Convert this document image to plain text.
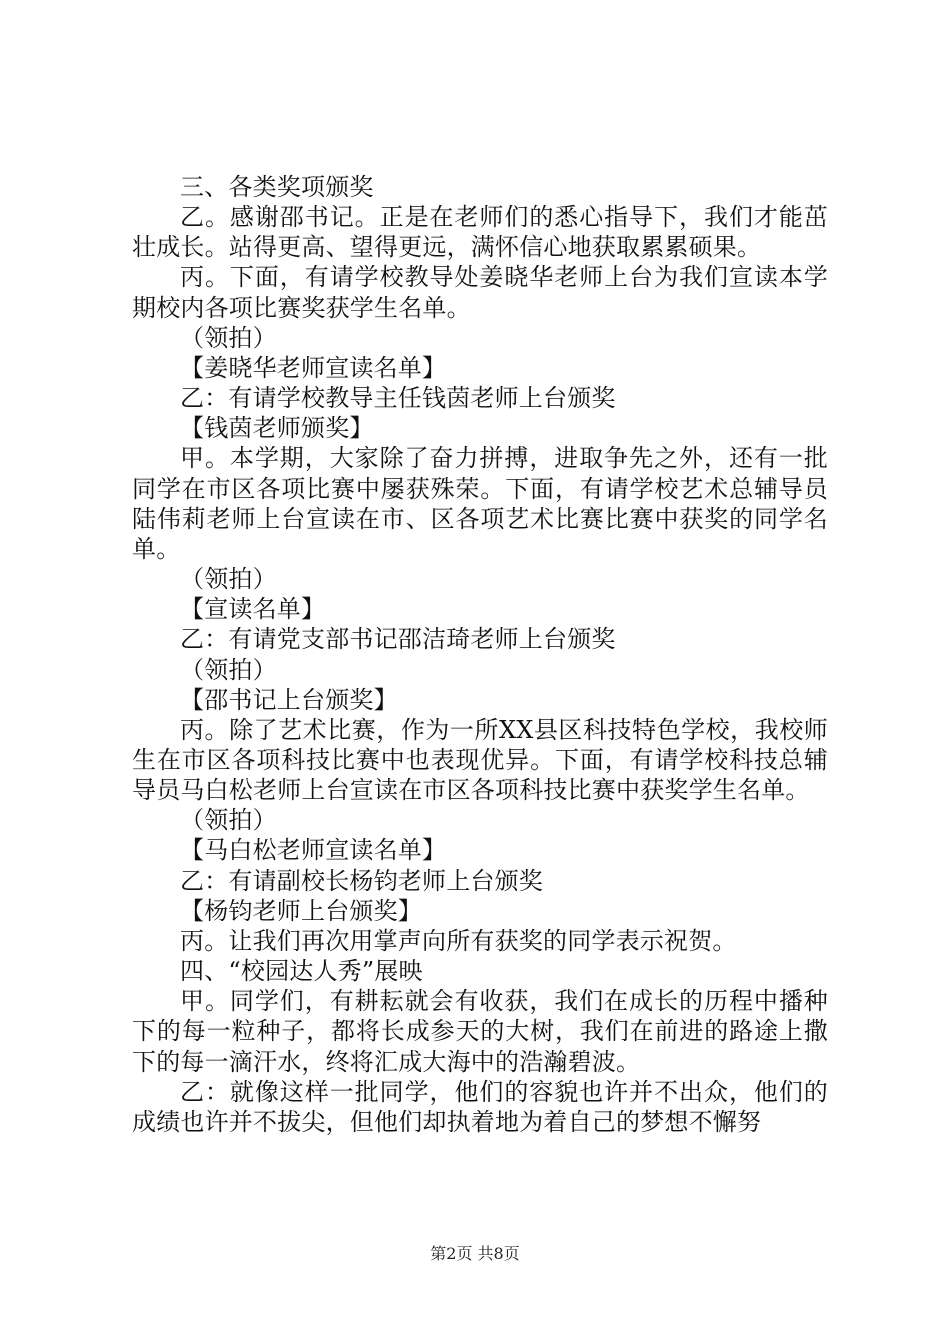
三、各类奖项颁奖

乙。感谢邵书记。正是在老师们的悉心指导下，我们才能茁壮成长。站得更高、望得更远，满怀信心地获取累累硕果。

丙。下面，有请学校教导处姜晓华老师上台为我们宣读本学期校内各项比赛奖获学生名单。

（领拍）

【姜晓华老师宣读名单】

乙：有请学校教导主任钱茵老师上台颁奖

【钱茵老师颁奖】

甲。本学期，大家除了奋力拼搏，进取争先之外，还有一批同学在市区各项比赛中屡获殊荣。下面，有请学校艺术总辅导员陆伟莉老师上台宣读在市、区各项艺术比赛比赛中获奖的同学名单。

（领拍）

【宣读名单】

乙：有请党支部书记邵洁琦老师上台颁奖

（领拍）

【邵书记上台颁奖】

丙。除了艺术比赛，作为一所XX县区科技特色学校，我校师生在市区各项科技比赛中也表现优异。下面，有请学校科技总辅导员马白松老师上台宣读在市区各项科技比赛中获奖学生名单。

（领拍）

【马白松老师宣读名单】

乙：有请副校长杨钧老师上台颁奖

【杨钧老师上台颁奖】

丙。让我们再次用掌声向所有获奖的同学表示祝贺。

四、“校园达人秀”展映

甲。同学们，有耕耘就会有收获，我们在成长的历程中播种下的每一粒种子，都将长成参天的大树，我们在前进的路途上撒下的每一滴汗水，终将汇成大海中的浩瀚碧波。

乙：就像这样一批同学，他们的容貌也许并不出众，他们的成绩也许并不拔尖，但他们却执着地为着自己的梦想不懈努

第2页 共8页
